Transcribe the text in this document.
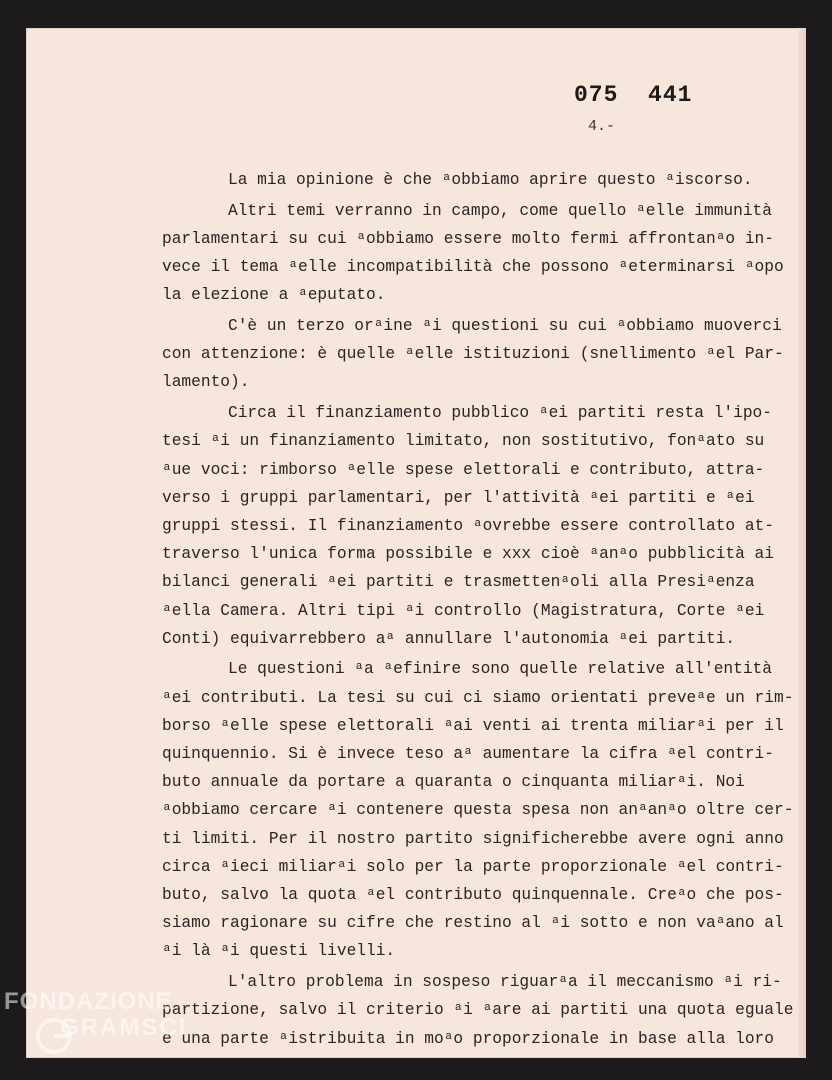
075  441
4.-
La mia opinione è che ᵃobbiamo aprire questo ᵃiscorso.
Altri temi verranno in campo, come quello ᵃelle immunità
parlamentari su cui ᵃobbiamo essere molto fermi affrontanᵃo in-
vece il tema ᵃelle incompatibilità che possono ᵃeterminarsi ᵃopo
la elezione a ᵃeputato.
C'è un terzo orᵃine ᵃi questioni su cui ᵃobbiamo muoverci
con attenzione: è quelle ᵃelle istituzioni (snellimento ᵃel Par-
lamento).
Circa il finanziamento pubblico ᵃei partiti resta l'ipo-
tesi ᵃi un finanziamento limitato, non sostitutivo, fonᵃato su
ᵃue voci: rimborso ᵃelle spese elettorali e contributo, attra-
verso i gruppi parlamentari, per l'attività ᵃei partiti e ᵃei
gruppi stessi. Il finanziamento ᵃovrebbe essere controllato at-
traverso l'unica forma possibile e xxx cioè ᵃanᵃo pubblicità ai
bilanci generali ᵃei partiti e trasmettenᵃoli alla Presiᵃenza
ᵃella Camera. Altri tipi ᵃi controllo (Magistratura, Corte ᵃei
Conti) equivarrebbero aᵃ annullare l'autonomia ᵃei partiti.
Le questioni ᵃa ᵃefinire sono quelle relative all'entità
ᵃei contributi. La tesi su cui ci siamo orientati preveᵃe un rim-
borso ᵃelle spese elettorali ᵃai venti ai trenta miliarᵃi per il
quinquennio. Si è invece teso aᵃ aumentare la cifra ᵃel contri-
buto annuale da portare a quaranta o cinquanta miliarᵃi. Noi
ᵃobbiamo cercare ᵃi contenere questa spesa non anᵃanᵃo oltre cer-
ti limiti. Per il nostro partito significherebbe avere ogni anno
circa ᵃieci miliarᵃi solo per la parte proporzionale ᵃel contri-
buto, salvo la quota ᵃel contributo quinquennale. Creᵃo che pos-
siamo ragionare su cifre che restino al ᵃi sotto e non vaᵃano al
ᵃi là ᵃi questi livelli.
L'altro problema in sospeso riguarᵃa il meccanismo ᵃi ri-
partizione, salvo il criterio ᵃi ᵃare ai partiti una quota eguale
e una parte ᵃistribuita in moᵃo proporzionale in base alla loro
FONDAZIONE
GRAMSCI
